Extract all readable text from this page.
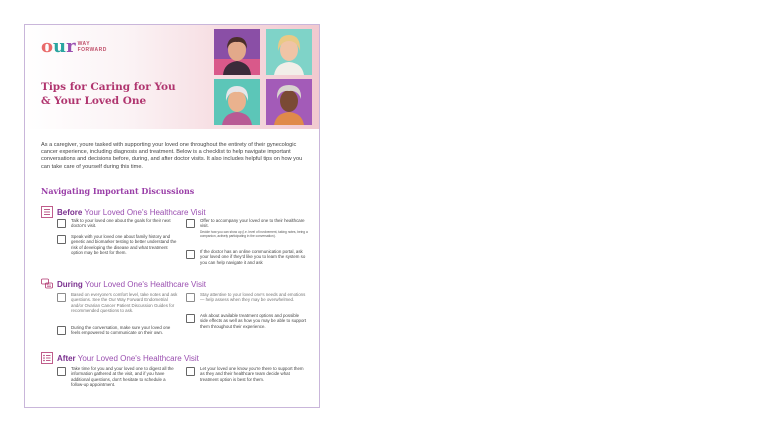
our WAY
FORWARD
Tips for Caring for You
& Your Loved One
As a caregiver, youre tasked with supporting your loved one throughout the entirety of their gynecologic cancer experience, including diagnosis and treatment. Below is a checklist to help navigate important conversations and decisions before, during, and after doctor visits. It also includes helpful tips on how you can take care of yourself during this time.
Navigating Important Discussions
Before Your Loved One's Healthcare Visit
Talk to your loved one about the goals for their next doctor's visit.
Speak with your loved one about family history and genetic and biomarker testing to better understand the risk of developing the disease and what treatment option may be best for them.
Offer to accompany your loved one to their healthcare visit.
Decide how you can show up (i.e. level of involvement, taking notes, being a companion, actively participating in the conversation).
If the doctor has an online communication portal, ask your loved one if they'd like you to learn the system so you can help navigate it and ask
During Your Loved One's Healthcare Visit
Based on everyone's comfort level, take notes and ask questions. See the Our Way Forward Endometrial and/or Ovarian Cancer Patient Discussion Guides for recommended questions to ask.
During the conversation, make sure your loved one feels empowered to communicate on their own.
Stay attentive to your loved one's needs and emotions — help assess when they may be overwhelmed.
Ask about available treatment options and possible side effects as well as how you may be able to support them throughout their experience.
After Your Loved One's Healthcare Visit
Take time for you and your loved one to digest all the information gathered at the visit, and if you have additional questions, don't hesitate to schedule a follow-up appointment.
Let your loved one know you're there to support them as they and their healthcare team decide what treatment option is best for them.
